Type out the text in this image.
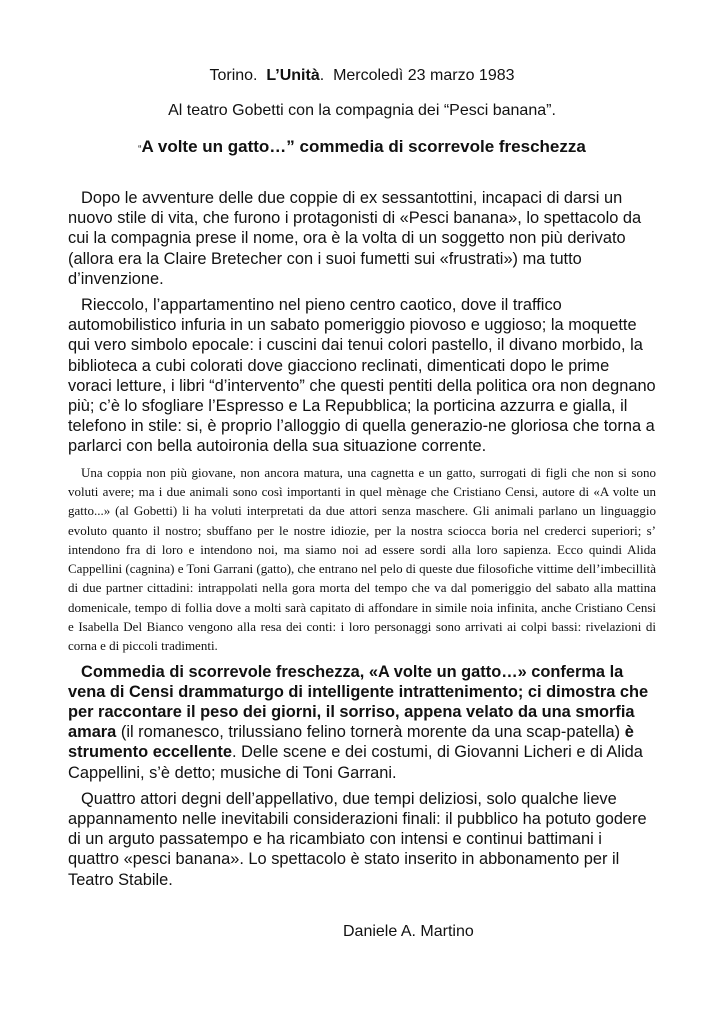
Torino. L’Unità.  Mercoledì 23 marzo 1983
Al teatro Gobetti con la compagnia dei “Pesci banana”.
“A volte un gatto…” commedia di scorrevole freschezza

Dopo le avventure delle due coppie di ex sessantottini, incapaci di darsi un nuovo stile di vita, che furono i protagonisti di «Pesci banana», lo spettacolo da cui la compagnia prese il nome, ora è la volta di un soggetto non più derivato (allora era la Claire Bretecher con i suoi fumetti sui «frustrati») ma tutto d’invenzione.

Rieccolo, l’appartamentino nel pieno centro caotico, dove il traffico automobilistico infuria in un sabato pomeriggio piovoso e uggioso; la moquette qui vero simbolo epocale: i cuscini dai tenui colori pastello, il divano morbido, la biblioteca a cubi colorati dove giacciono reclinati, dimenticati dopo le prime voraci letture, i libri “d’intervento” che questi pentiti della politica ora non degnano più; c’è lo sfogliare l’Espresso e La Repubblica; la porticina azzurra e gialla, il telefono in stile: si, è proprio l’alloggio di quella generazio-ne gloriosa che torna a parlarci con bella autoironia della sua situazione corrente.

Una coppia non più giovane, non ancora matura, una cagnetta e un gatto, surrogati di figli che non si sono voluti avere; ma i due animali sono così importanti in quel mènage che Cristiano Censi, autore di «A volte un gatto...» (al Gobetti) li ha voluti interpretati da due attori senza maschere. Gli animali parlano un linguaggio evoluto quanto il nostro; sbuffano per le nostre idiozie, per la nostra sciocca boria nel crederci superiori; s’ intendono fra di loro e intendono noi, ma siamo noi ad essere sordi alla loro sapienza. Ecco quindi Alida Cappellini (cagnina) e Toni Garrani (gatto), che entrano nel pelo di queste due filosofiche vittime dell’imbecillità di due partner cittadini: intrappolati nella gora morta del tempo che va dal pomeriggio del sabato alla mattina domenicale, tempo di follia dove a molti sarà capitato di affondare in simile noia infinita, anche Cristiano Censi e Isabella Del Bianco vengono alla resa dei conti: i loro personaggi sono arrivati ai colpi bassi: rivelazioni di corna e di piccoli tradimenti.

Commedia di scorrevole freschezza, «A volte un gatto…» conferma la vena di Censi drammaturgo di intelligente intrattenimento; ci dimostra che per raccontare il peso dei giorni, il sorriso, appena velato da una smorfia amara (il romanesco, trilussiano felino tornerà morente da una scap-patella) è strumento eccellente. Delle scene e dei costumi, di Giovanni Licheri e di Alida Cappellini, s’è detto; musiche di Toni Garrani.

Quattro attori degni dell’appellativo, due tempi deliziosi, solo qualche lieve appannamento nelle inevitabili considerazioni finali: il pubblico ha potuto godere di un arguto passatempo e ha ricambiato con intensi e continui battimani i quattro «pesci banana». Lo spettacolo è stato inserito in abbonamento per il Teatro Stabile.

Daniele A. Martino
